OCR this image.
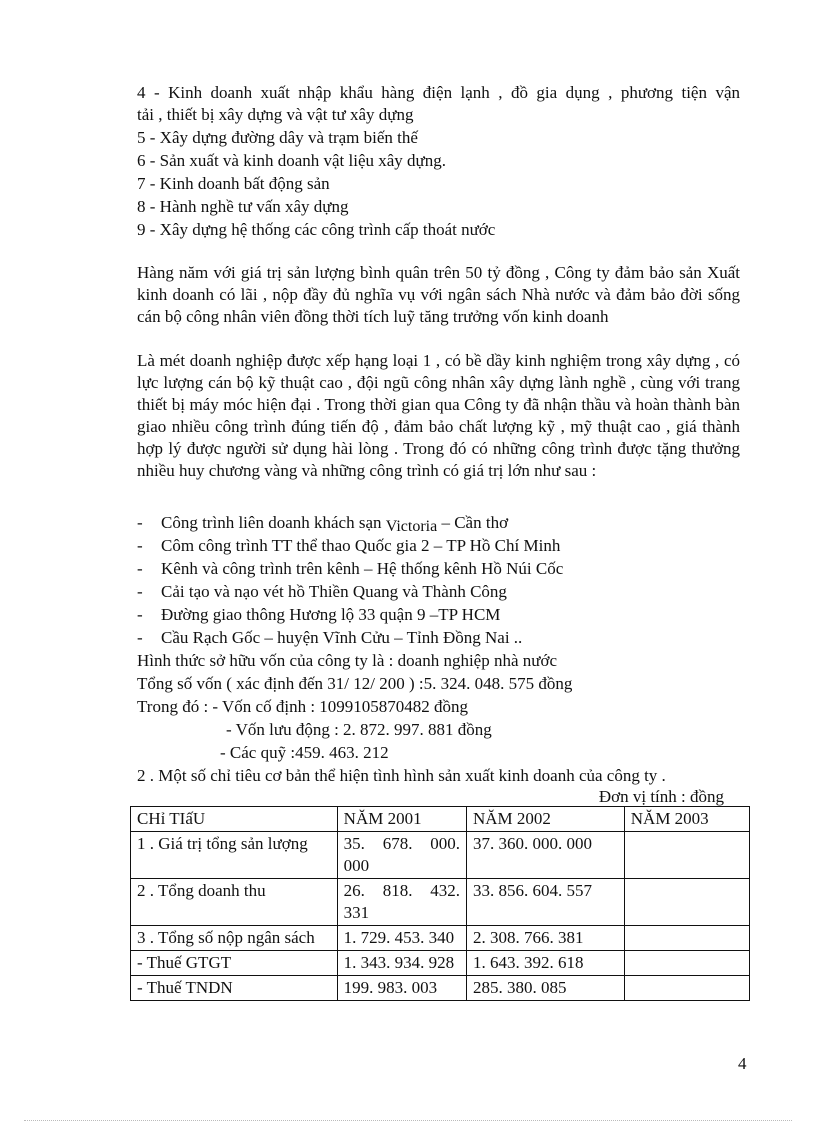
4 - Kinh doanh xuất nhập khẩu hàng điện lạnh , đồ gia dụng , phương tiện vận
tải , thiết bị xây dựng và vật tư xây dựng
5 - Xây dựng đường dây và trạm biến thế
6 - Sản xuất và kinh doanh vật liệu xây dựng.
7 - Kinh doanh bất động sản
8 - Hành nghề tư vấn xây dựng
9 - Xây dựng hệ thống các công trình cấp thoát nước
Hàng năm với giá trị sản lượng bình quân trên 50 tỷ đồng , Công ty đảm bảo sản Xuất kinh doanh có lãi , nộp đầy đủ nghĩa vụ với ngân sách Nhà nước và đảm bảo đời sống cán bộ công nhân viên đồng thời tích luỹ tăng trưởng vốn kinh doanh
Là mét doanh nghiệp được xếp hạng loại 1 , có bề dầy kinh nghiệm trong xây dựng , có lực lượng cán bộ kỹ thuật cao , đội ngũ công nhân xây dựng lành nghề , cùng với trang thiết bị máy móc hiện đại . Trong thời gian qua Công ty đã nhận thầu và hoàn thành bàn giao nhiều công trình đúng tiến độ , đảm bảo chất lượng kỹ , mỹ thuật cao , giá thành hợp lý được người sử dụng hài lòng . Trong đó có những công trình được tặng thưởng nhiều huy chương vàng và những công trình có giá trị lớn như sau :
- Công trình liên doanh khách sạn Victoria – Cần thơ
- Côm công trình TT thể thao Quốc gia 2 – TP Hồ Chí Minh
- Kênh và công trình trên kênh – Hệ thống kênh Hồ Núi Cốc
- Cải tạo và nạo vét hồ Thiền Quang và Thành Công
- Đường giao thông Hương lộ 33 quận 9 –TP HCM
- Cầu Rạch Gốc – huyện Vĩnh Cửu – Tỉnh Đồng Nai ..
Hình thức sở hữu vốn của công ty là : doanh nghiệp nhà nước
Tổng số vốn ( xác định đến 31/ 12/ 200 ) :5. 324. 048. 575 đồng
Trong đó : - Vốn cố định : 1099105870482 đồng
- Vốn lưu động : 2. 872. 997. 881 đồng
- Các quỹ :459. 463. 212
2 . Một số chỉ tiêu cơ bản thể hiện tình hình sản xuất kinh doanh của công ty .
Đơn vị tính : đồng
CHỉ TIấU	NĂM 2001	NĂM 2002	NĂM 2003
1 . Giá trị tổng sản lượng	35. 678. 000. 000	37. 360. 000. 000	
2 . Tổng doanh thu	26. 818. 432. 331	33. 856. 604. 557	
3 . Tổng số nộp ngân sách	1. 729. 453. 340	2. 308. 766. 381	
- Thuế GTGT	1. 343. 934. 928	1. 643. 392. 618	
- Thuế TNDN	199. 983. 003	285. 380. 085	
4
